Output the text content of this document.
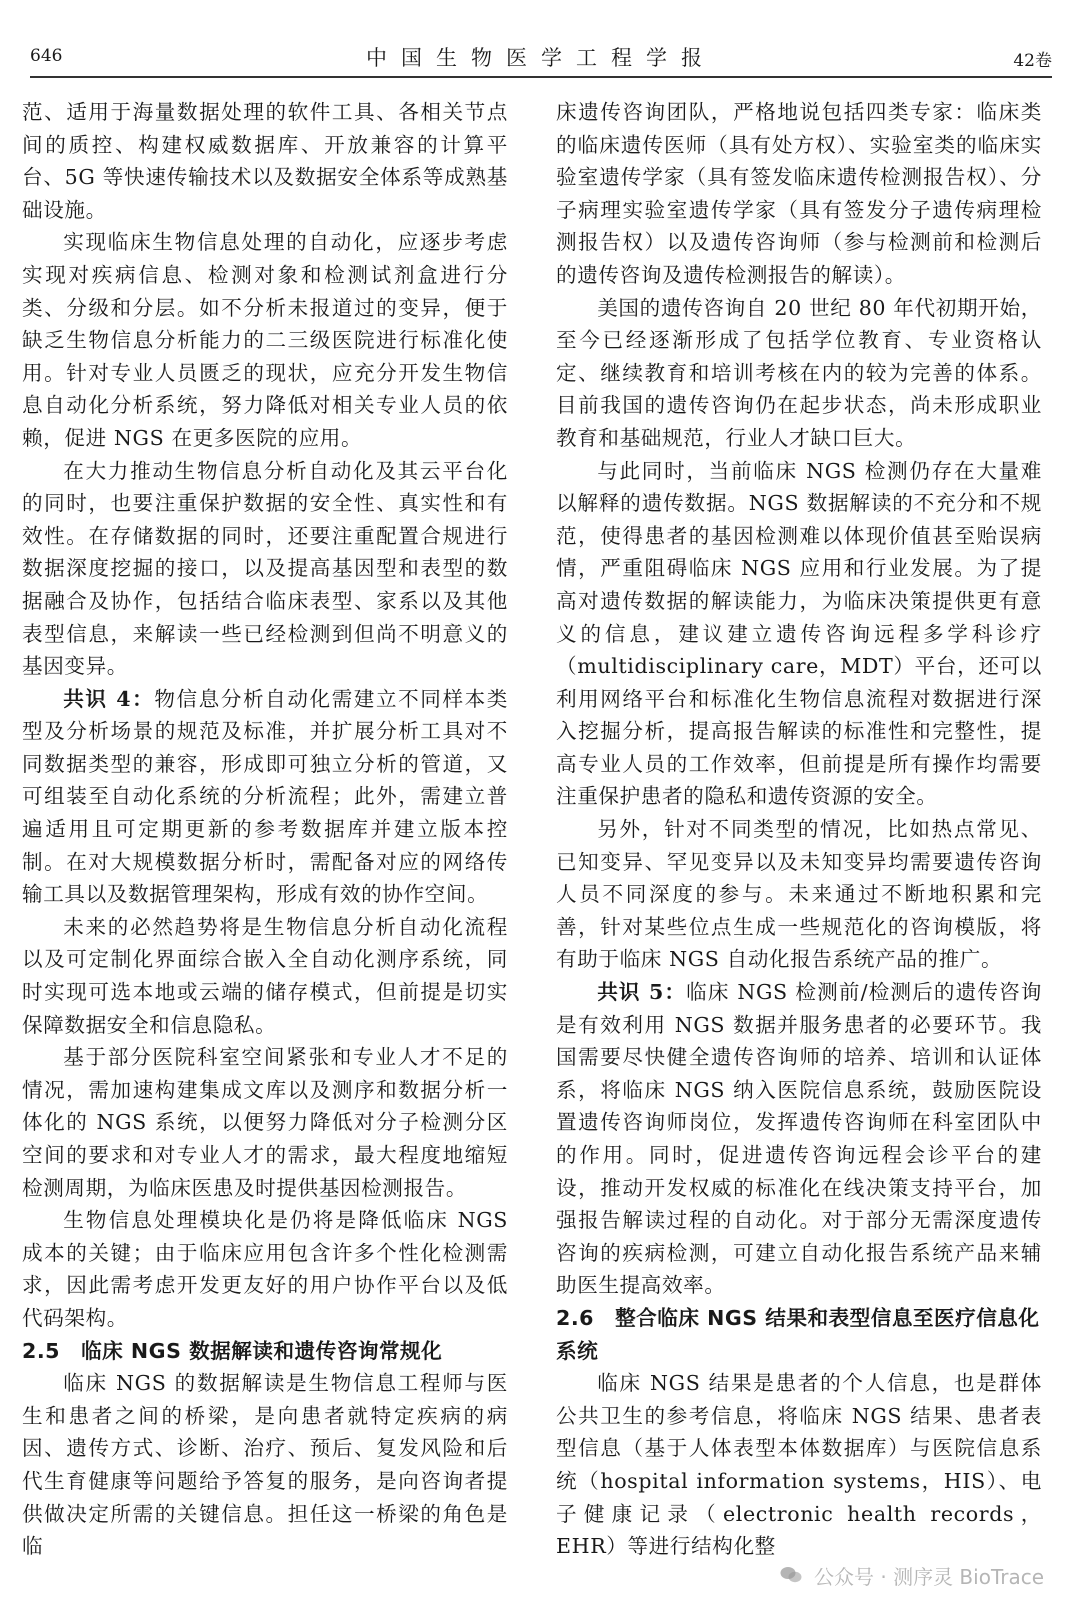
646	中国生物医学工程学报	42卷

范、适用于海量数据处理的软件工具、各相关节点间的质控、构建权威数据库、开放兼容的计算平台、5G 等快速传输技术以及数据安全体系等成熟基础设施。

实现临床生物信息处理的自动化，应逐步考虑实现对疾病信息、检测对象和检测试剂盒进行分类、分级和分层。如不分析未报道过的变异，便于缺乏生物信息分析能力的二三级医院进行标准化使用。针对专业人员匮乏的现状，应充分开发生物信息自动化分析系统，努力降低对相关专业人员的依赖，促进 NGS 在更多医院的应用。

在大力推动生物信息分析自动化及其云平台化的同时，也要注重保护数据的安全性、真实性和有效性。在存储数据的同时，还要注重配置合规进行数据深度挖掘的接口，以及提高基因型和表型的数据融合及协作，包括结合临床表型、家系以及其他表型信息，来解读一些已经检测到但尚不明意义的基因变异。

共识 4：物信息分析自动化需建立不同样本类型及分析场景的规范及标准，并扩展分析工具对不同数据类型的兼容，形成即可独立分析的管道，又可组装至自动化系统的分析流程；此外，需建立普遍适用且可定期更新的参考数据库并建立版本控制。在对大规模数据分析时，需配备对应的网络传输工具以及数据管理架构，形成有效的协作空间。

未来的必然趋势将是生物信息分析自动化流程以及可定制化界面综合嵌入全自动化测序系统，同时实现可选本地或云端的储存模式，但前提是切实保障数据安全和信息隐私。

基于部分医院科室空间紧张和专业人才不足的情况，需加速构建集成文库以及测序和数据分析一体化的 NGS 系统，以便努力降低对分子检测分区空间的要求和对专业人才的需求，最大程度地缩短检测周期，为临床医患及时提供基因检测报告。

生物信息处理模块化是仍将是降低临床 NGS 成本的关键；由于临床应用包含许多个性化检测需求，因此需考虑开发更友好的用户协作平台以及低代码架构。

2.5　临床 NGS 数据解读和遗传咨询常规化

临床 NGS 的数据解读是生物信息工程师与医生和患者之间的桥梁，是向患者就特定疾病的病因、遗传方式、诊断、治疗、预后、复发风险和后代生育健康等问题给予答复的服务，是向咨询者提供做决定所需的关键信息。担任这一桥梁的角色是临

床遗传咨询团队，严格地说包括四类专家：临床类的临床遗传医师（具有处方权）、实验室类的临床实验室遗传学家（具有签发临床遗传检测报告权）、分子病理实验室遗传学家（具有签发分子遗传病理检测报告权）以及遗传咨询师（参与检测前和检测后的遗传咨询及遗传检测报告的解读）。

美国的遗传咨询自 20 世纪 80 年代初期开始，至今已经逐渐形成了包括学位教育、专业资格认定、继续教育和培训考核在内的较为完善的体系。目前我国的遗传咨询仍在起步状态，尚未形成职业教育和基础规范，行业人才缺口巨大。

与此同时，当前临床 NGS 检测仍存在大量难以解释的遗传数据。NGS 数据解读的不充分和不规范，使得患者的基因检测难以体现价值甚至贻误病情，严重阻碍临床 NGS 应用和行业发展。为了提高对遗传数据的解读能力，为临床决策提供更有意义的信息，建议建立遗传咨询远程多学科诊疗（multidisciplinary care，MDT）平台，还可以利用网络平台和标准化生物信息流程对数据进行深入挖掘分析，提高报告解读的标准性和完整性，提高专业人员的工作效率，但前提是所有操作均需要注重保护患者的隐私和遗传资源的安全。

另外，针对不同类型的情况，比如热点常见、已知变异、罕见变异以及未知变异均需要遗传咨询人员不同深度的参与。未来通过不断地积累和完善，针对某些位点生成一些规范化的咨询模版，将有助于临床 NGS 自动化报告系统产品的推广。

共识 5：临床 NGS 检测前/检测后的遗传咨询是有效利用 NGS 数据并服务患者的必要环节。我国需要尽快健全遗传咨询师的培养、培训和认证体系，将临床 NGS 纳入医院信息系统，鼓励医院设置遗传咨询师岗位，发挥遗传咨询师在科室团队中的作用。同时，促进遗传咨询远程会诊平台的建设，推动开发权威的标准化在线决策支持平台，加强报告解读过程的自动化。对于部分无需深度遗传咨询的疾病检测，可建立自动化报告系统产品来辅助医生提高效率。

2.6　整合临床 NGS 结果和表型信息至医疗信息化系统

临床 NGS 结果是患者的个人信息，也是群体公共卫生的参考信息，将临床 NGS 结果、患者表型信息（基于人体表型本体数据库）与医院信息系统（hospital information systems，HIS）、电子健康记录（electronic health records，EHR）等进行结构化整

公众号 · 测序灵 BioTrace
